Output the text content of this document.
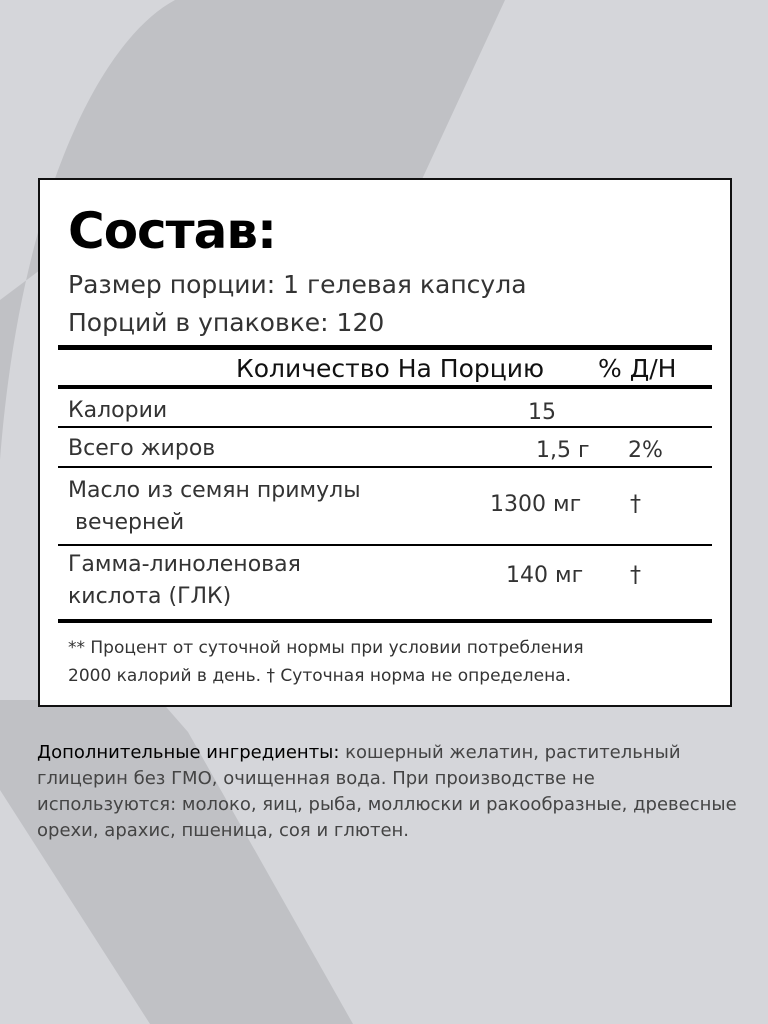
Состав:
Размер порции: 1 гелевая капсула
Порций в упаковке: 120
Количество На Порцию % Д/Н
Калории	15
Всего жиров	1,5 г 2%
Масло из семян примулы
вечерней
1300 мг †
Гамма-линоленовая
кислота (ГЛК)
140 мг †
** Процент от суточной нормы при условии потребления
2000 калорий в день. † Суточная норма не определена.
Дополнительные ингредиенты: кошерный желатин, растительный глицерин без ГМО, очищенная вода. При производстве не используются: молоко, яиц, рыба, моллюски и ракообразные, древесные орехи, арахис, пшеница, соя и глютен.
